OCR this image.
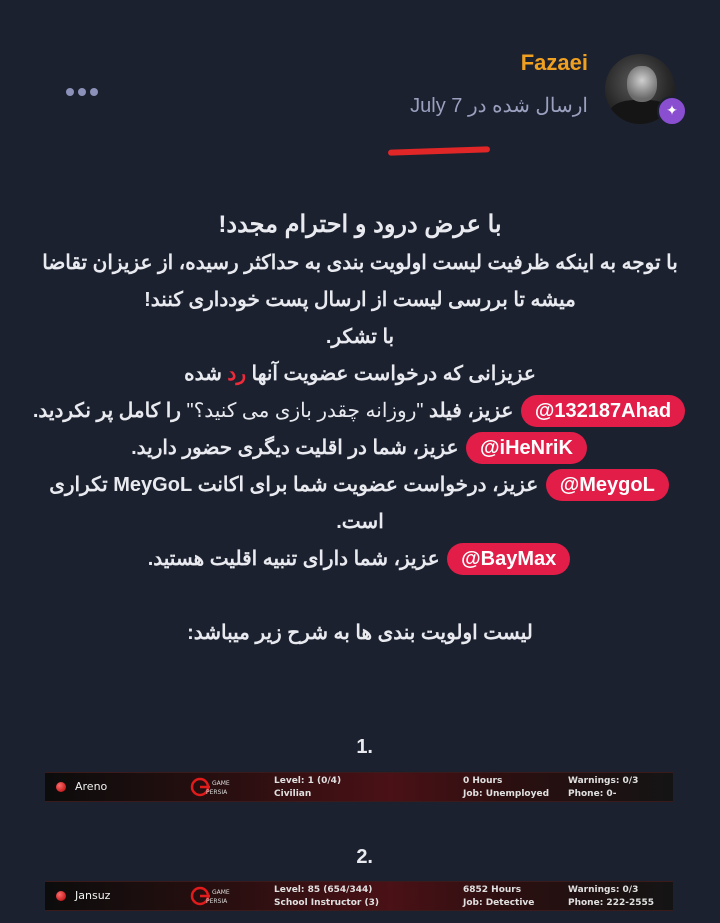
Fazaei
ارسال شده در July 7	✦

با عرض درود و احترام مجدد!

با توجه به اینکه ظرفیت لیست اولویت بندی به حداکثر رسیده، از عزیزان تقاضا میشه تا بررسی لیست از ارسال پست خودداری کنند!

با تشکر.

عزیزانی که درخواست عضویت آنها رد شده

@132187Ahad عزیز، فیلد "روزانه چقدر بازی می کنید؟" را کامل پر نکردید.

@iHeNriK عزیز، شما در اقلیت دیگری حضور دارید.

@MeygoL عزیز، درخواست عضویت شما برای اکانت MeyGoL تکراری است.

@BayMax عزیز، شما دارای تنبیه اقلیت هستید.

لیست اولویت بندی ها به شرح زیر میباشد:

1.
Areno	GAME
PERSIA
Level: 1 (0/4)
Civilian
0 Hours
Job: Unemployed
Warnings: 0/3
Phone: 0-
2.
Jansuz	GAME
PERSIA
Level: 85 (654/344)
School Instructor (3)
6852 Hours
Job: Detective
Warnings: 0/3
Phone: 222-2555
